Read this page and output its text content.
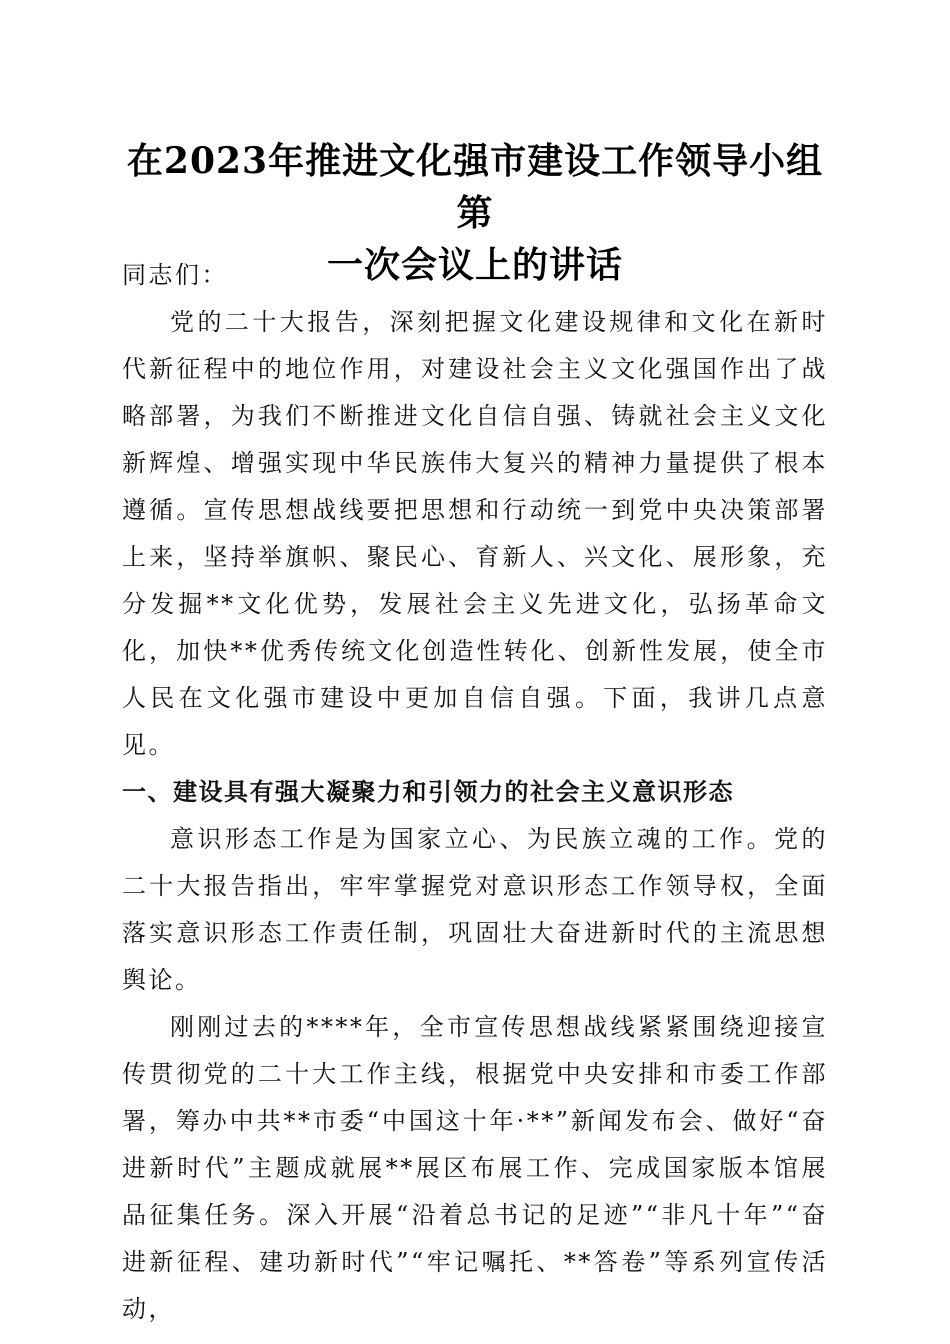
在2023年推进文化强市建设工作领导小组第
一次会议上的讲话

同志们：

党的二十大报告，深刻把握文化建设规律和文化在新时代新征程中的地位作用，对建设社会主义文化强国作出了战略部署，为我们不断推进文化自信自强、铸就社会主义文化新辉煌、增强实现中华民族伟大复兴的精神力量提供了根本遵循。宣传思想战线要把思想和行动统一到党中央决策部署上来，坚持举旗帜、聚民心、育新人、兴文化、展形象，充分发掘**文化优势，发展社会主义先进文化，弘扬革命文化，加快**优秀传统文化创造性转化、创新性发展，使全市人民在文化强市建设中更加自信自强。下面，我讲几点意见。

一、建设具有强大凝聚力和引领力的社会主义意识形态

意识形态工作是为国家立心、为民族立魂的工作。党的二十大报告指出，牢牢掌握党对意识形态工作领导权，全面落实意识形态工作责任制，巩固壮大奋进新时代的主流思想舆论。

刚刚过去的****年，全市宣传思想战线紧紧围绕迎接宣传贯彻党的二十大工作主线，根据党中央安排和市委工作部署，筹办中共**市委“中国这十年·**”新闻发布会、做好“奋进新时代”主题成就展**展区布展工作、完成国家版本馆展品征集任务。深入开展“沿着总书记的足迹”“非凡十年”“奋进新征程、建功新时代”“牢记嘱托、**答卷”等系列宣传活动，
